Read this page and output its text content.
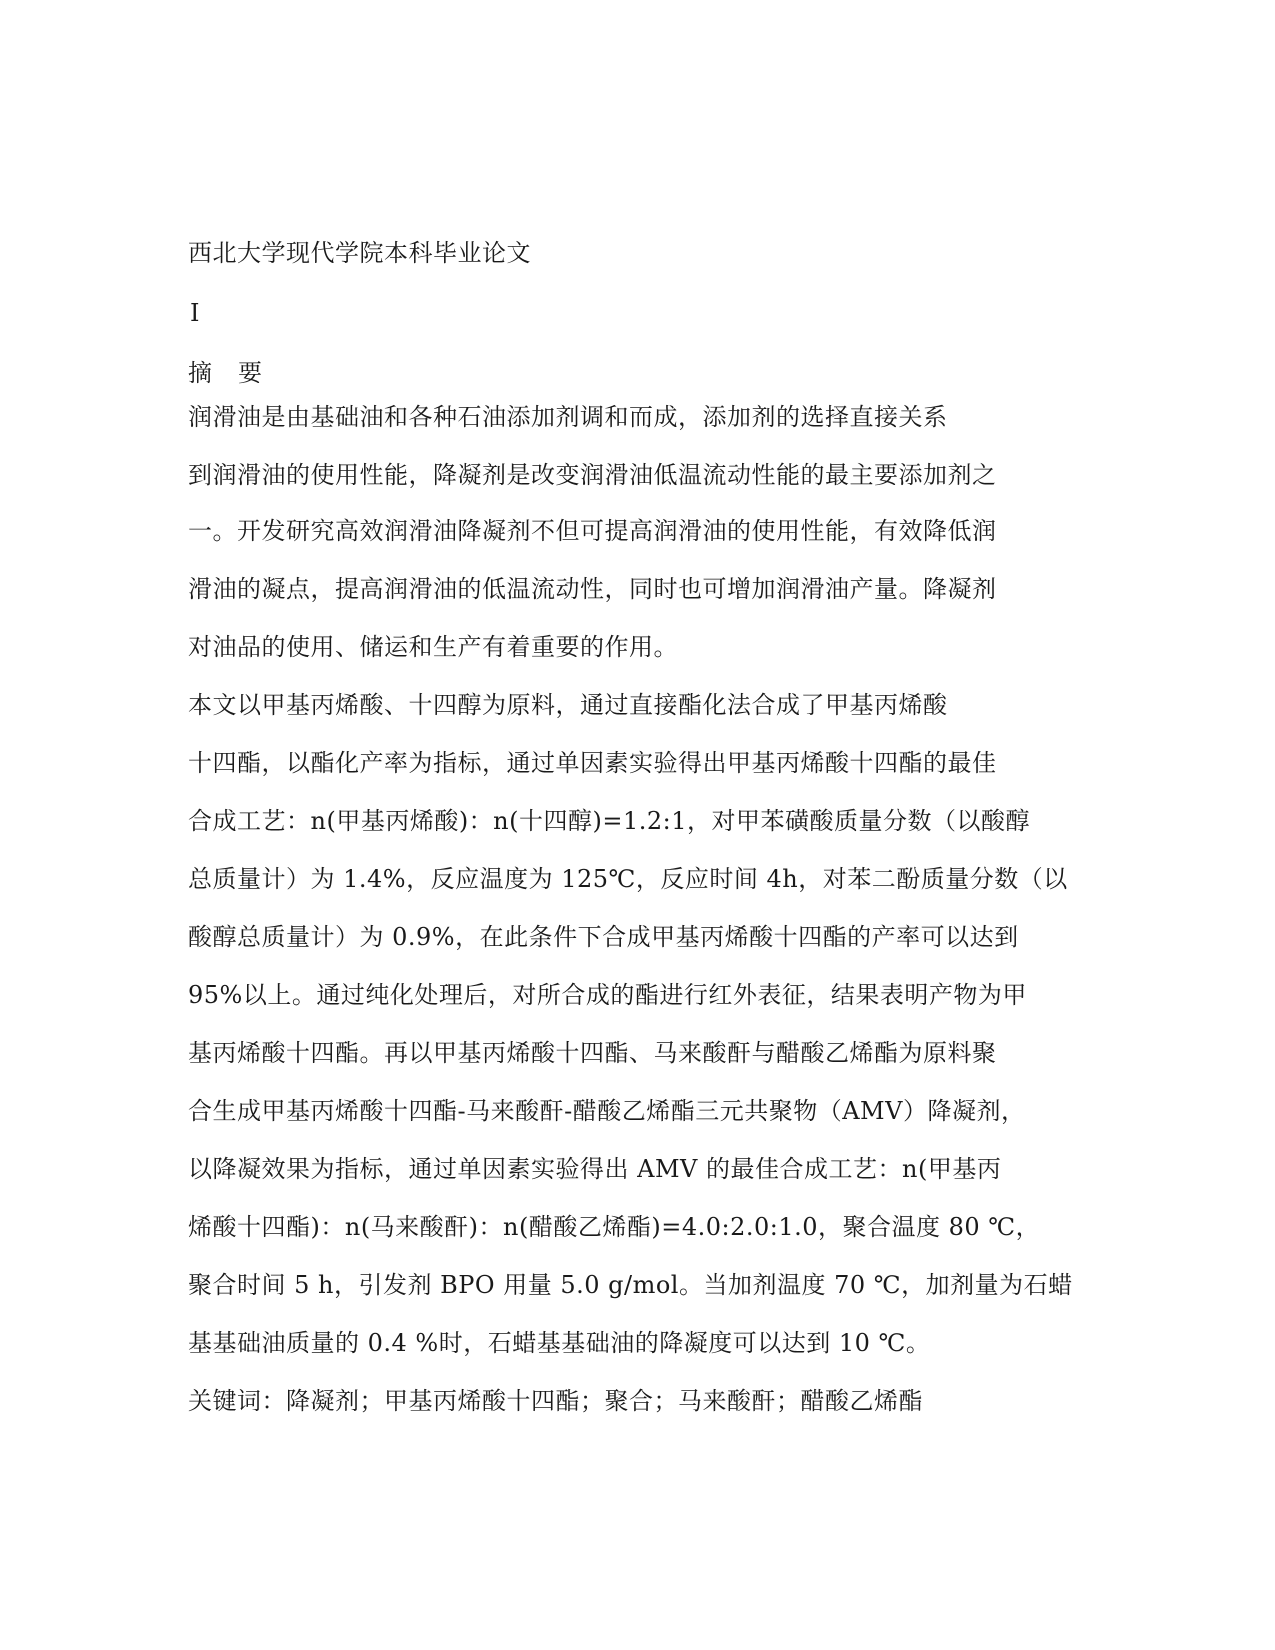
西北大学现代学院本科毕业论文
I
摘 要
润滑油是由基础油和各种石油添加剂调和而成，添加剂的选择直接关系
到润滑油的使用性能，降凝剂是改变润滑油低温流动性能的最主要添加剂之
一。开发研究高效润滑油降凝剂不但可提高润滑油的使用性能，有效降低润
滑油的凝点，提高润滑油的低温流动性，同时也可增加润滑油产量。降凝剂
对油品的使用、储运和生产有着重要的作用。
本文以甲基丙烯酸、十四醇为原料，通过直接酯化法合成了甲基丙烯酸
十四酯，以酯化产率为指标，通过单因素实验得出甲基丙烯酸十四酯的最佳
合成工艺：n(甲基丙烯酸)：n(十四醇)=1.2:1，对甲苯磺酸质量分数（以酸醇
总质量计）为 1.4%，反应温度为 125℃，反应时间 4h，对苯二酚质量分数（以
酸醇总质量计）为 0.9%，在此条件下合成甲基丙烯酸十四酯的产率可以达到
95%以上。通过纯化处理后，对所合成的酯进行红外表征，结果表明产物为甲
基丙烯酸十四酯。再以甲基丙烯酸十四酯、马来酸酐与醋酸乙烯酯为原料聚
合生成甲基丙烯酸十四酯-马来酸酐-醋酸乙烯酯三元共聚物（AMV）降凝剂，
以降凝效果为指标，通过单因素实验得出 AMV 的最佳合成工艺：n(甲基丙
烯酸十四酯)：n(马来酸酐)：n(醋酸乙烯酯)=4.0:2.0:1.0，聚合温度 80 ℃，
聚合时间 5 h，引发剂 BPO 用量 5.0 g/mol。当加剂温度 70 ℃，加剂量为石蜡
基基础油质量的 0.4 %时，石蜡基基础油的降凝度可以达到 10 ℃。
关键词：降凝剂；甲基丙烯酸十四酯；聚合；马来酸酐；醋酸乙烯酯
